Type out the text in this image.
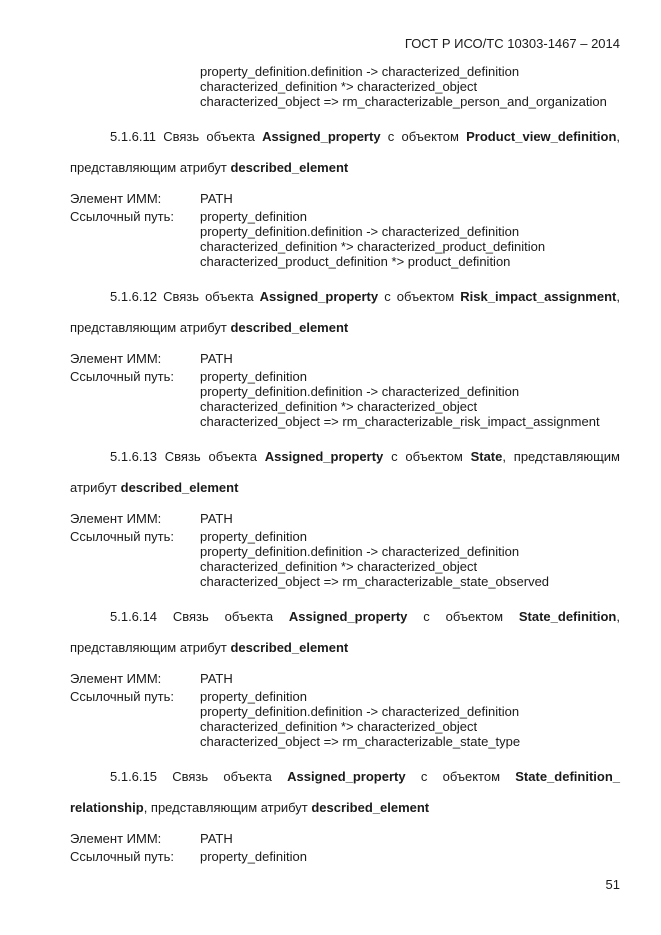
ГОСТ Р ИСО/ТС 10303-1467 – 2014
property_definition.definition -> characterized_definition
characterized_definition *> characterized_object
characterized_object => rm_characterizable_person_and_organization
5.1.6.11 Связь объекта Assigned_property с объектом Product_view_definition,
представляющим атрибут described_element
Элемент ИММ:	PATH
Ссылочный путь:	property_definition
property_definition.definition -> characterized_definition
characterized_definition *> characterized_product_definition
characterized_product_definition *> product_definition
5.1.6.12 Связь объекта Assigned_property с объектом Risk_impact_assignment,
представляющим атрибут described_element
Элемент ИММ:	PATH
Ссылочный путь:	property_definition
property_definition.definition -> characterized_definition
characterized_definition *> characterized_object
characterized_object => rm_characterizable_risk_impact_assignment
5.1.6.13 Связь объекта Assigned_property с объектом State, представляющим
атрибут described_element
Элемент ИММ:	PATH
Ссылочный путь:	property_definition
property_definition.definition -> characterized_definition
characterized_definition *> characterized_object
characterized_object => rm_characterizable_state_observed
5.1.6.14 Связь объекта Assigned_property с объектом State_definition,
представляющим атрибут described_element
Элемент ИММ:	PATH
Ссылочный путь:	property_definition
property_definition.definition -> characterized_definition
characterized_definition *> characterized_object
characterized_object => rm_characterizable_state_type
5.1.6.15 Связь объекта Assigned_property с объектом State_definition_
relationship, представляющим атрибут described_element
Элемент ИММ:	PATH
Ссылочный путь:	property_definition
51
